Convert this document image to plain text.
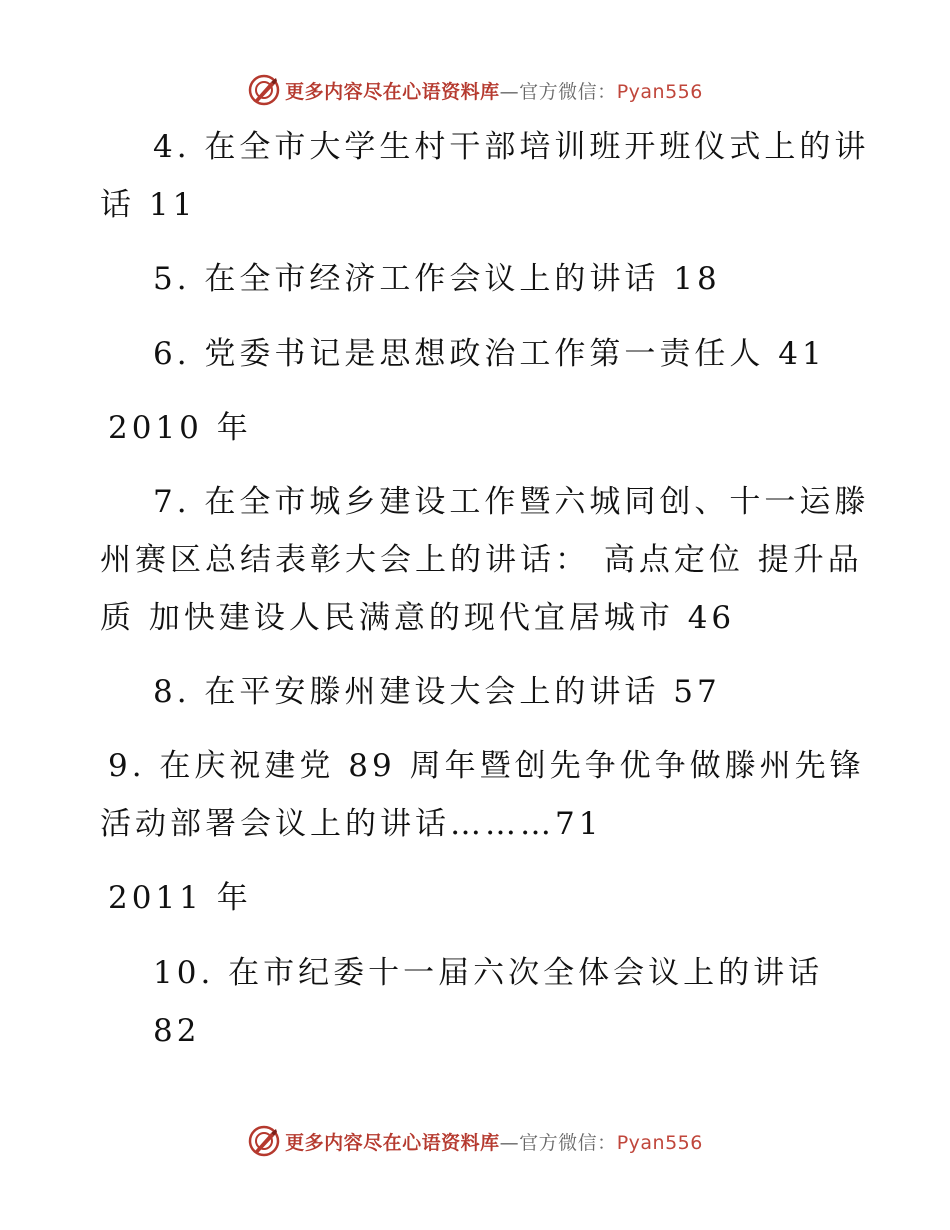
更多内容尽在心语资料库—官方微信：Pyan556
4. 在全市大学生村干部培训班开班仪式上的讲
话 11
5. 在全市经济工作会议上的讲话 18
6. 党委书记是思想政治工作第一责任人 41
2010 年
7. 在全市城乡建设工作暨六城同创、十一运滕
州赛区总结表彰大会上的讲话： 高点定位 提升品
质 加快建设人民满意的现代宜居城市 46
8. 在平安滕州建设大会上的讲话 57
9. 在庆祝建党 89 周年暨创先争优争做滕州先锋
活动部署会议上的讲话………71
2011 年
10. 在市纪委十一届六次全体会议上的讲话
82
更多内容尽在心语资料库—官方微信：Pyan556
